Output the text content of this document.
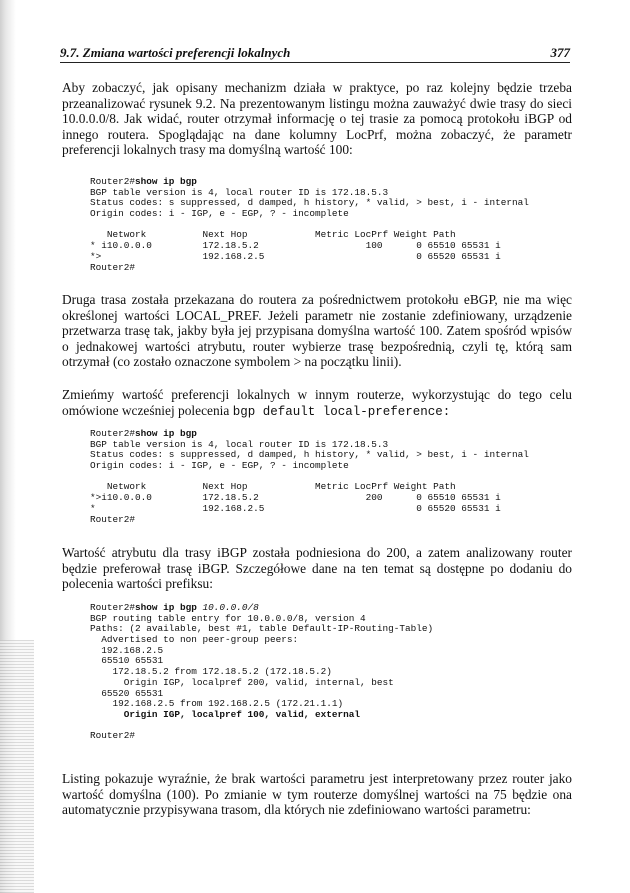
9.7. Zmiana wartości preferencji lokalnych	377
Aby zobaczyć, jak opisany mechanizm działa w praktyce, po raz kolejny będzie trzeba przeanalizować rysunek 9.2. Na prezentowanym listingu można zauważyć dwie trasy do sieci 10.0.0.0/8. Jak widać, router otrzymał informację o tej trasie za pomocą protokołu iBGP od innego routera. Spoglądając na dane kolumny LocPrf, można zobaczyć, że parametr preferencji lokalnych trasy ma domyślną wartość 100:
Router2#show ip bgp
BGP table version is 4, local router ID is 172.18.5.3
Status codes: s suppressed, d damped, h history, * valid, > best, i - internal
Origin codes: i - IGP, e - EGP, ? - incomplete
Network          Next Hop            Metric LocPrf Weight Path
* i10.0.0.0         172.18.5.2                   100      0 65510 65531 i
*>                  192.168.2.5                           0 65520 65531 i
Router2#
Druga trasa została przekazana do routera za pośrednictwem protokołu eBGP, nie ma więc określonej wartości LOCAL_PREF. Jeżeli parametr nie zostanie zdefiniowany, urządzenie przetwarza trasę tak, jakby była jej przypisana domyślna wartość 100. Zatem spośród wpisów o jednakowej wartości atrybutu, router wybierze trasę bezpośrednią, czyli tę, którą sam otrzymał (co zostało oznaczone symbolem > na początku linii).
Zmieńmy wartość preferencji lokalnych w innym routerze, wykorzystując do tego celu omówione wcześniej polecenia bgp default local-preference:
Router2#show ip bgp
BGP table version is 4, local router ID is 172.18.5.3
Status codes: s suppressed, d damped, h history, * valid, > best, i - internal
Origin codes: i - IGP, e - EGP, ? - incomplete
Network          Next Hop            Metric LocPrf Weight Path
*>i10.0.0.0         172.18.5.2                   200      0 65510 65531 i
*                   192.168.2.5                           0 65520 65531 i
Router2#
Wartość atrybutu dla trasy iBGP została podniesiona do 200, a zatem analizowany router będzie preferował trasę iBGP. Szczegółowe dane na ten temat są dostępne po dodaniu do polecenia wartości prefiksu:
Router2#show ip bgp 10.0.0.0/8
BGP routing table entry for 10.0.0.0/8, version 4
Paths: (2 available, best #1, table Default-IP-Routing-Table)
Advertised to non peer-group peers:
192.168.2.5
65510 65531
172.18.5.2 from 172.18.5.2 (172.18.5.2)
Origin IGP, localpref 200, valid, internal, best
65520 65531
192.168.2.5 from 192.168.2.5 (172.21.1.1)
Origin IGP, localpref 100, valid, external
Router2#
Listing pokazuje wyraźnie, że brak wartości parametru jest interpretowany przez router jako wartość domyślna (100). Po zmianie w tym routerze domyślnej wartości na 75 będzie ona automatycznie przypisywana trasom, dla których nie zdefiniowano wartości parametru:
